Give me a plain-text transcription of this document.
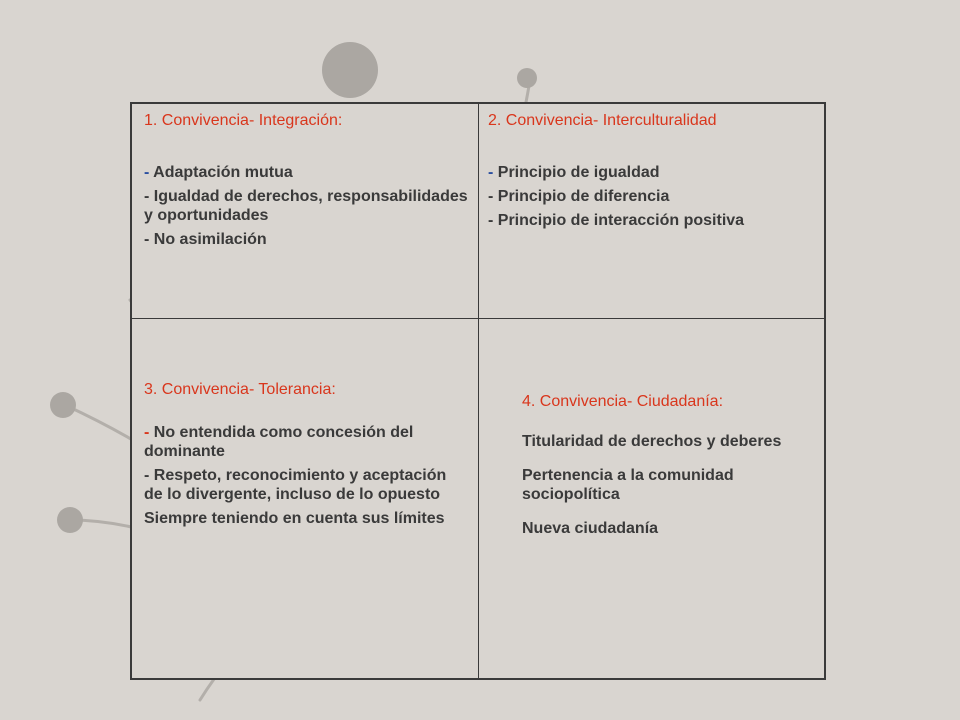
1. Convivencia- Integración:

- Adaptación mutua

- Igualdad de derechos, responsabilidades y oportunidades

- No asimilación

2. Convivencia- Interculturalidad

- Principio de igualdad

- Principio de diferencia

- Principio de interacción positiva

3. Convivencia- Tolerancia:

- No entendida como concesión del dominante

- Respeto, reconocimiento y aceptación de lo divergente, incluso de lo opuesto

Siempre teniendo en cuenta sus límites

4. Convivencia- Ciudadanía:

Titularidad de derechos y deberes

Pertenencia a la comunidad sociopolítica

Nueva ciudadanía
